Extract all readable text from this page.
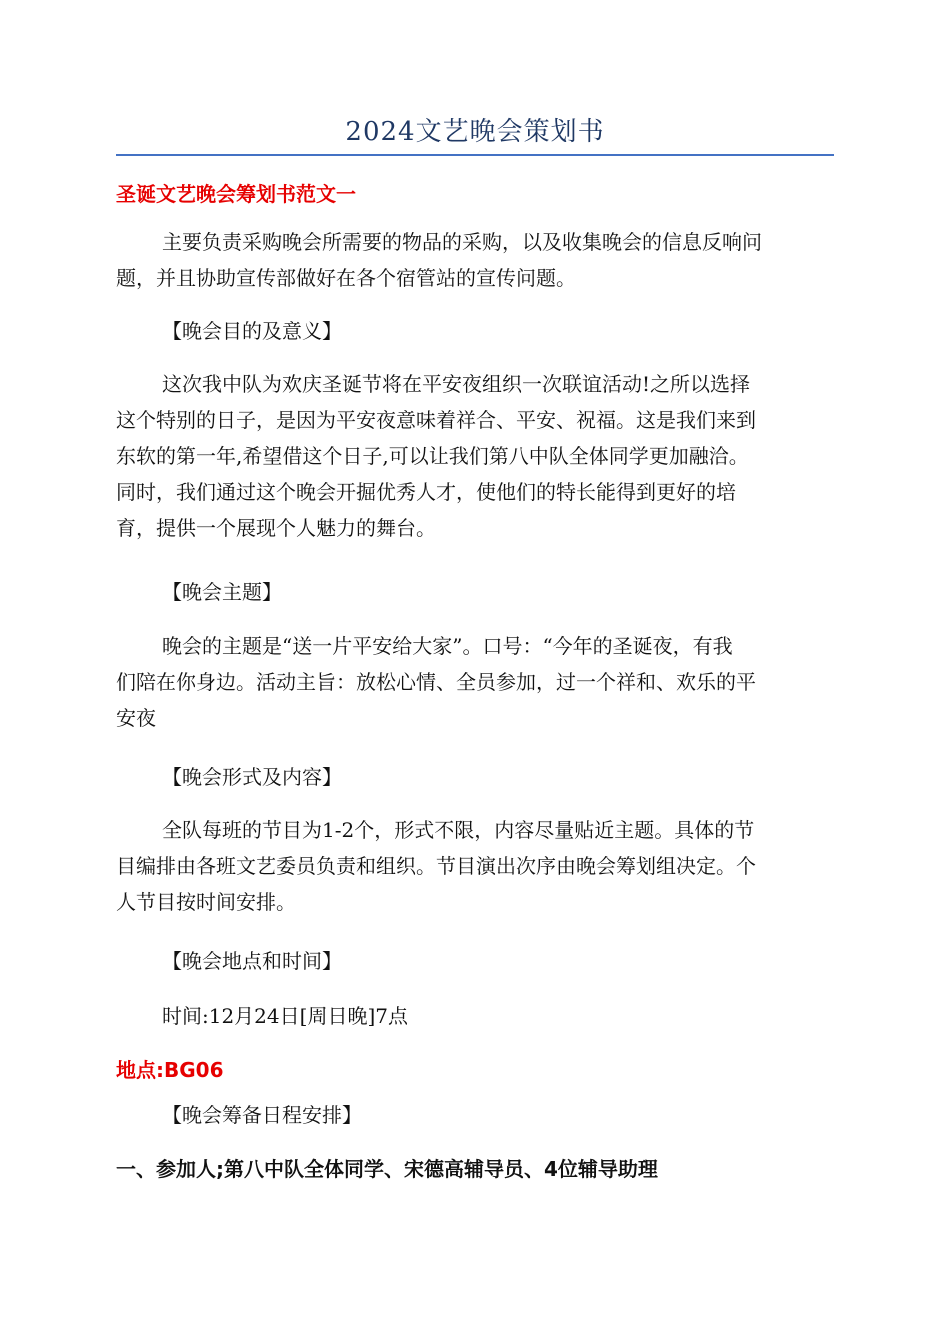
2024文艺晚会策划书
圣诞文艺晚会筹划书范文一
主要负责采购晚会所需要的物品的采购，以及收集晚会的信息反响问
题，并且协助宣传部做好在各个宿管站的宣传问题。
【晚会目的及意义】
这次我中队为欢庆圣诞节将在平安夜组织一次联谊活动!之所以选择
这个特别的日子，是因为平安夜意味着祥合、平安、祝福。这是我们来到
东软的第一年,希望借这个日子,可以让我们第八中队全体同学更加融洽。
同时，我们通过这个晚会开掘优秀人才，使他们的特长能得到更好的培
育，提供一个展现个人魅力的舞台。
【晚会主题】
晚会的主题是“送一片平安给大家”。口号：“今年的圣诞夜，有我
们陪在你身边。活动主旨：放松心情、全员参加，过一个祥和、欢乐的平
安夜
【晚会形式及内容】
全队每班的节目为1-2个，形式不限，内容尽量贴近主题。具体的节
目编排由各班文艺委员负责和组织。节目演出次序由晚会筹划组决定。个
人节目按时间安排。
【晚会地点和时间】
时间:12月24日[周日晚]7点
地点:BG06
【晚会筹备日程安排】
一、参加人;第八中队全体同学、宋德高辅导员、4位辅导助理
